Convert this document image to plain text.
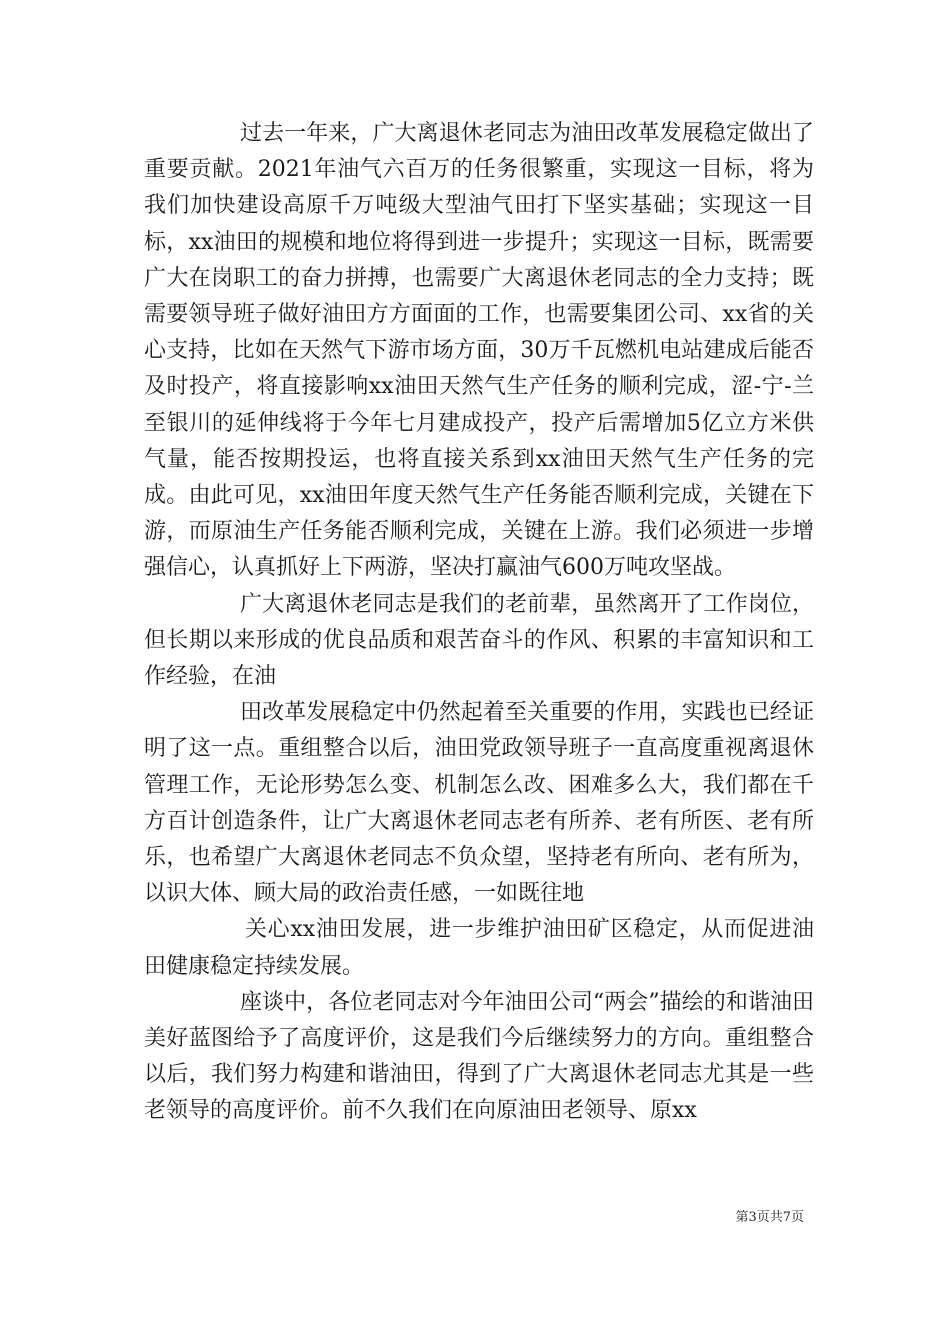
过去一年来，广大离退休老同志为油田改革发展稳定做出了重要贡献。2021年油气六百万的任务很繁重，实现这一目标，将为我们加快建设高原千万吨级大型油气田打下坚实基础；实现这一目标，xx油田的规模和地位将得到进一步提升；实现这一目标，既需要广大在岗职工的奋力拼搏，也需要广大离退休老同志的全力支持；既需要领导班子做好油田方方面面的工作，也需要集团公司、xx省的关心支持，比如在天然气下游市场方面，30万千瓦燃机电站建成后能否及时投产，将直接影响xx油田天然气生产任务的顺利完成，涩-宁-兰至银川的延伸线将于今年七月建成投产，投产后需增加5亿立方米供气量，能否按期投运，也将直接关系到xx油田天然气生产任务的完成。由此可见，xx油田年度天然气生产任务能否顺利完成，关键在下游，而原油生产任务能否顺利完成，关键在上游。我们必须进一步增强信心，认真抓好上下两游，坚决打赢油气600万吨攻坚战。

广大离退休老同志是我们的老前辈，虽然离开了工作岗位，但长期以来形成的优良品质和艰苦奋斗的作风、积累的丰富知识和工作经验，在油

田改革发展稳定中仍然起着至关重要的作用，实践也已经证明了这一点。重组整合以后，油田党政领导班子一直高度重视离退休管理工作，无论形势怎么变、机制怎么改、困难多么大，我们都在千方百计创造条件，让广大离退休老同志老有所养、老有所医、老有所乐，也希望广大离退休老同志不负众望，坚持老有所向、老有所为，以识大体、顾大局的政治责任感，一如既往地

关心xx油田发展，进一步维护油田矿区稳定，从而促进油田健康稳定持续发展。

座谈中，各位老同志对今年油田公司“两会”描绘的和谐油田美好蓝图给予了高度评价，这是我们今后继续努力的方向。重组整合以后，我们努力构建和谐油田，得到了广大离退休老同志尤其是一些老领导的高度评价。前不久我们在向原油田老领导、原xx

第3页共7页
